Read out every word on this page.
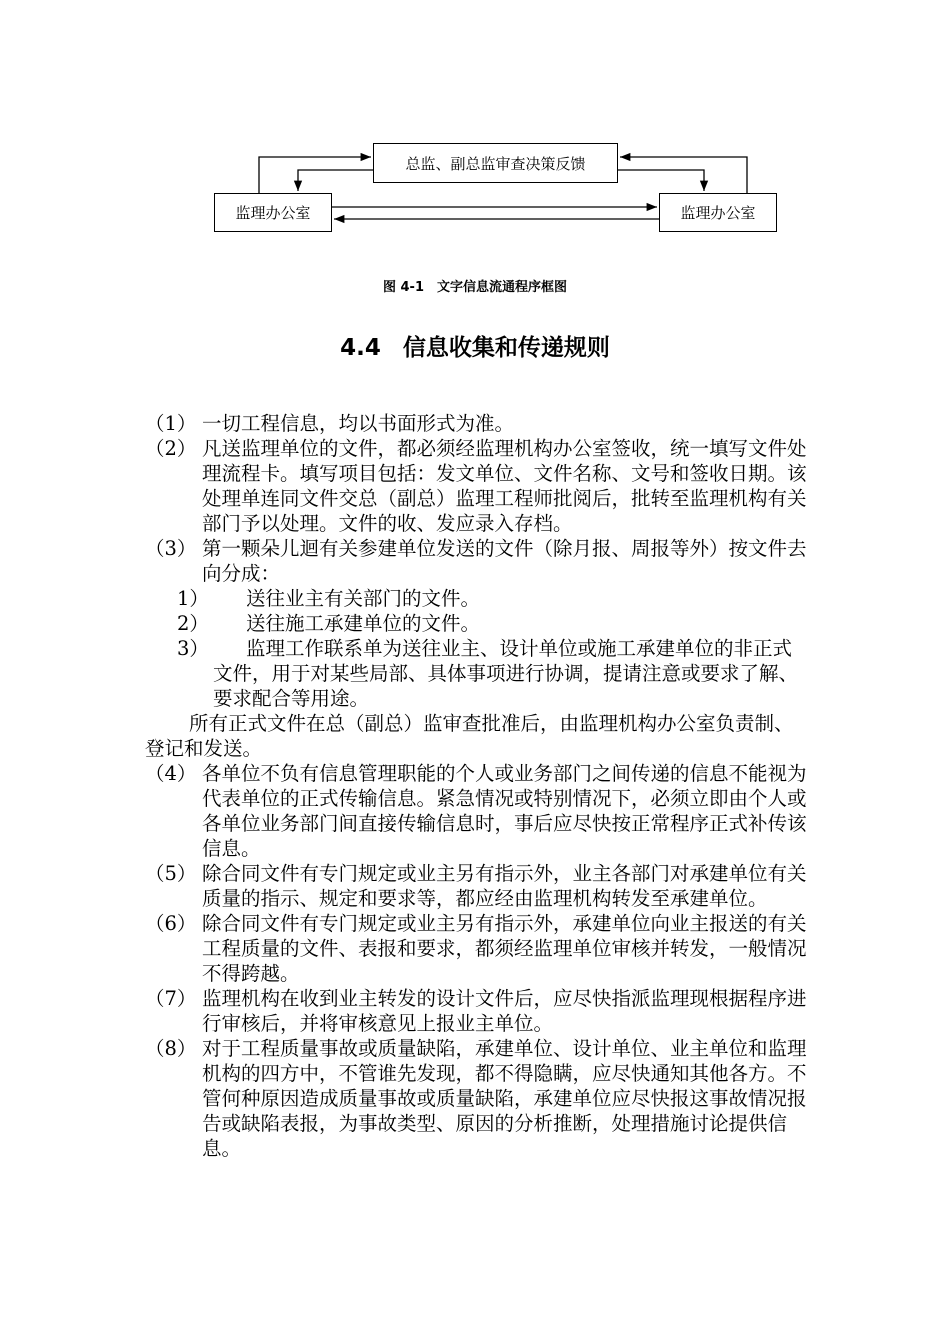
总监、副总监审查决策反馈
监理办公室	监理办公室
图 4-1　文字信息流通程序框图
4.4 信息收集和传递规则
（1） 一切工程信息，均以书面形式为准。
（2） 凡送监理单位的文件，都必须经监理机构办公室签收，统一填写文件处理流程卡。填写项目包括：发文单位、文件名称、文号和签收日期。该处理单连同文件交总（副总）监理工程师批阅后，批转至监理机构有关部门予以处理。文件的收、发应录入存档。
（3） 第一颗朵儿迴有关参建单位发送的文件（除月报、周报等外）按文件去向分成：
1）	送往业主有关部门的文件。
2）	送往施工承建单位的文件。
3）	监理工作联系单为送往业主、设计单位或施工承建单位的非正式文件，用于对某些局部、具体事项进行协调，提请注意或要求了解、要求配合等用途。
所有正式文件在总（副总）监审查批准后，由监理机构办公室负责制、登记和发送。
（4） 各单位不负有信息管理职能的个人或业务部门之间传递的信息不能视为代表单位的正式传输信息。紧急情况或特别情况下，必须立即由个人或各单位业务部门间直接传输信息时，事后应尽快按正常程序正式补传该信息。
（5） 除合同文件有专门规定或业主另有指示外，业主各部门对承建单位有关质量的指示、规定和要求等，都应经由监理机构转发至承建单位。
（6） 除合同文件有专门规定或业主另有指示外，承建单位向业主报送的有关工程质量的文件、表报和要求，都须经监理单位审核并转发，一般情况不得跨越。
（7） 监理机构在收到业主转发的设计文件后，应尽快指派监理现根据程序进行审核后，并将审核意见上报业主单位。
（8） 对于工程质量事故或质量缺陷，承建单位、设计单位、业主单位和监理机构的四方中，不管谁先发现，都不得隐瞒，应尽快通知其他各方。不管何种原因造成质量事故或质量缺陷，承建单位应尽快报这事故情况报告或缺陷表报，为事故类型、原因的分析推断，处理措施讨论提供信息。
